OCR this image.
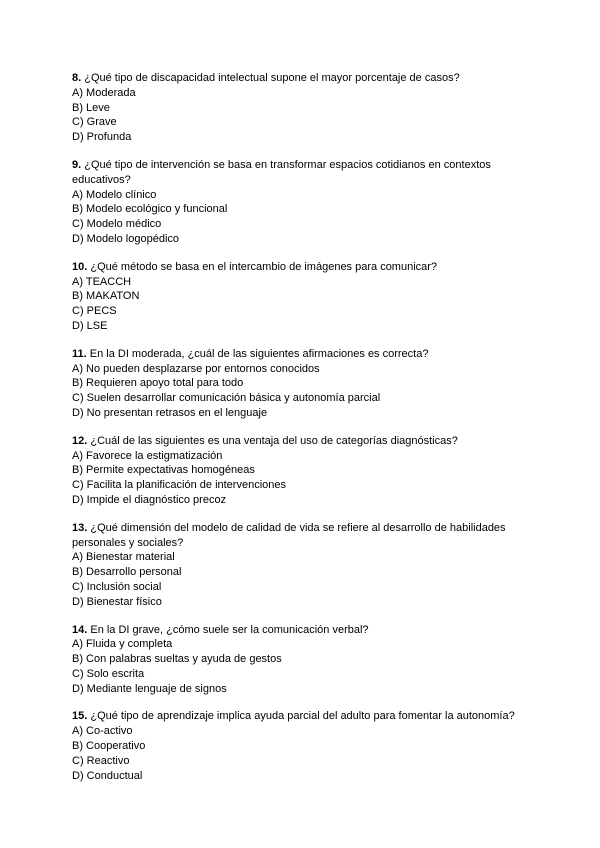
8. ¿Qué tipo de discapacidad intelectual supone el mayor porcentaje de casos?

A) Moderada

B) Leve

C) Grave

D) Profunda

9. ¿Qué tipo de intervención se basa en transformar espacios cotidianos en contextos educativos?

A) Modelo clínico

B) Modelo ecológico y funcional

C) Modelo médico

D) Modelo logopédico

10. ¿Qué método se basa en el intercambio de imágenes para comunicar?

A) TEACCH

B) MAKATON

C) PECS

D) LSE

11. En la DI moderada, ¿cuál de las siguientes afirmaciones es correcta?

A) No pueden desplazarse por entornos conocidos

B) Requieren apoyo total para todo

C) Suelen desarrollar comunicación básica y autonomía parcial

D) No presentan retrasos en el lenguaje

12. ¿Cuál de las siguientes es una ventaja del uso de categorías diagnósticas?

A) Favorece la estigmatización

B) Permite expectativas homogéneas

C) Facilita la planificación de intervenciones

D) Impide el diagnóstico precoz

13. ¿Qué dimensión del modelo de calidad de vida se refiere al desarrollo de habilidades personales y sociales?

A) Bienestar material

B) Desarrollo personal

C) Inclusión social

D) Bienestar físico

14. En la DI grave, ¿cómo suele ser la comunicación verbal?

A) Fluida y completa

B) Con palabras sueltas y ayuda de gestos

C) Solo escrita

D) Mediante lenguaje de signos

15. ¿Qué tipo de aprendizaje implica ayuda parcial del adulto para fomentar la autonomía?

A) Co-activo

B) Cooperativo

C) Reactivo

D) Conductual
